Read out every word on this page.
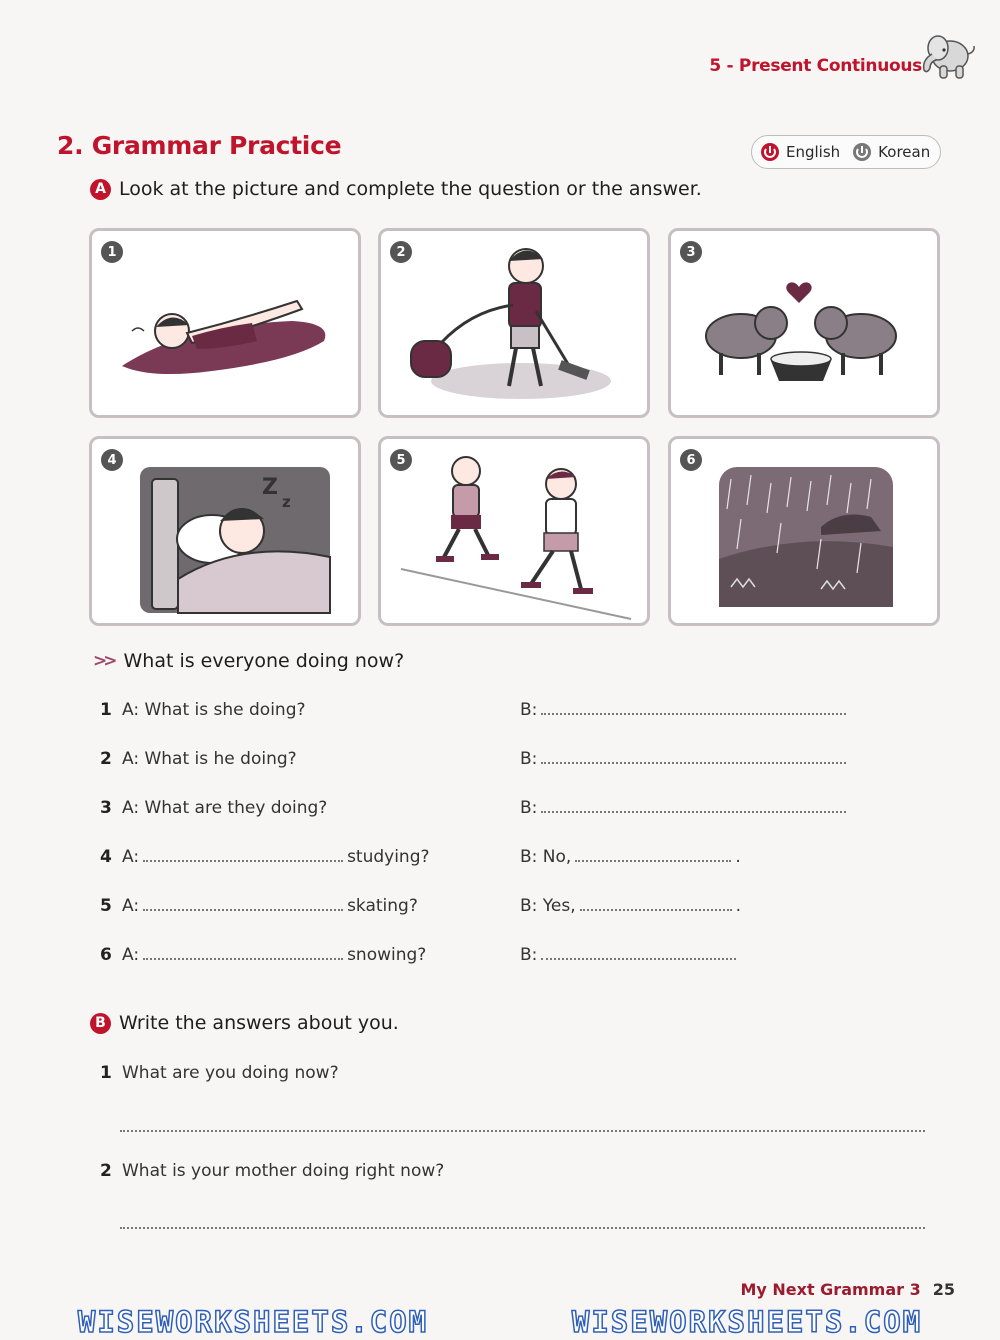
5 - Present Continuous
2. Grammar Practice	English	Korean
A Look at the picture and complete the question or the answer.
1	2	3
Z
z
4	5	6
>> What is everyone doing now?
1 A: What is she doing?	B:
2 A: What is he doing?	B:
3 A: What are they doing?	B:
4 A:	studying?	B: No,	.
5 A:	skating?	B: Yes,	.
6 A:	snowing?	B:
B Write the answers about you.
1 What are you doing now?
2 What is your mother doing right now?
My Next Grammar 3 25
WISEWORKSHEETS.COM	WISEWORKSHEETS.COM
